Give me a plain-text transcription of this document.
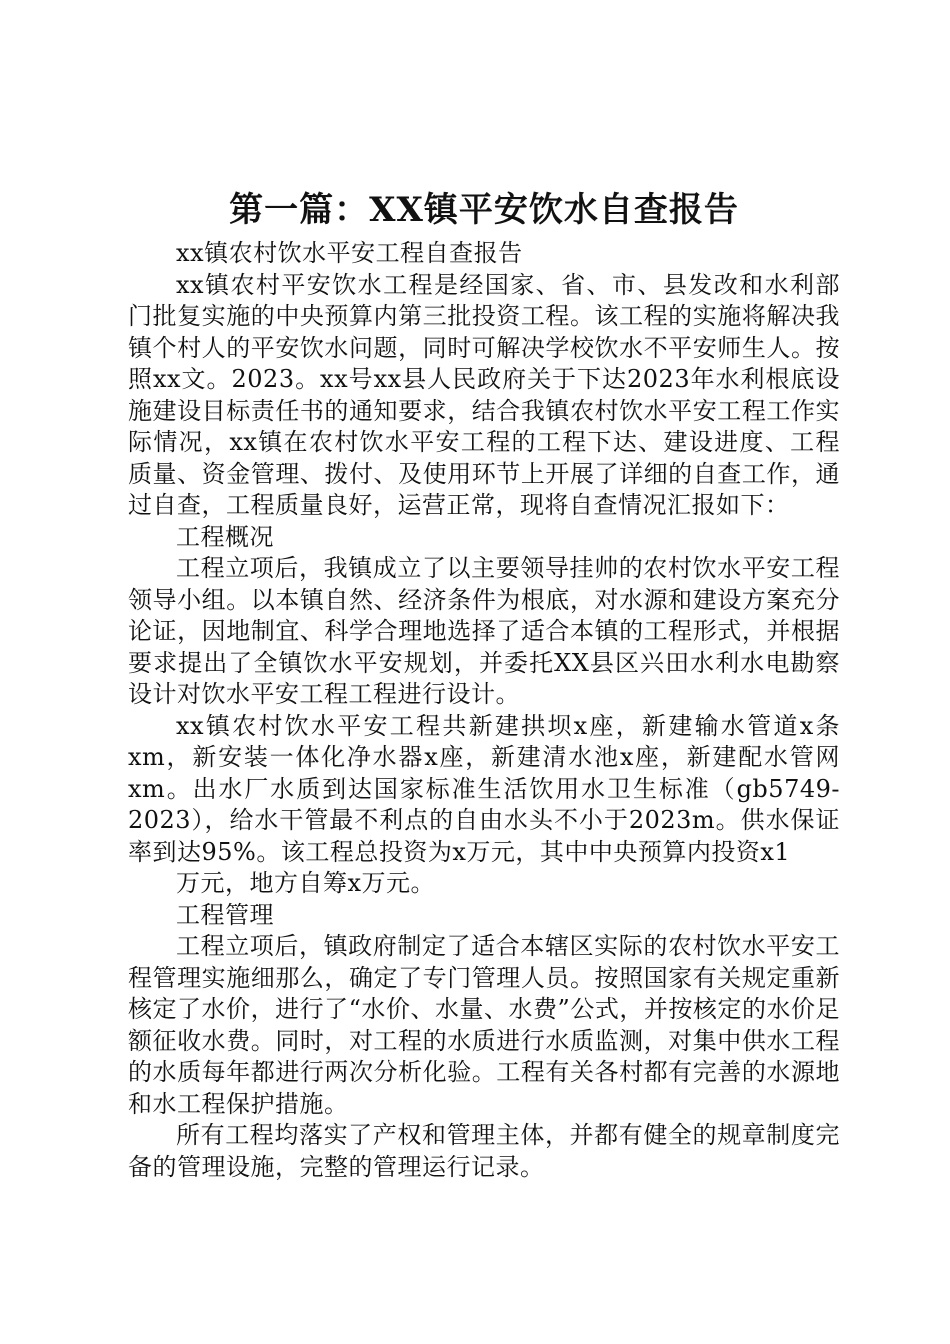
第一篇：XX镇平安饮水自查报告

xx镇农村饮水平安工程自查报告

xx镇农村平安饮水工程是经国家、省、市、县发改和水利部门批复实施的中央预算内第三批投资工程。该工程的实施将解决我镇个村人的平安饮水问题，同时可解决学校饮水不平安师生人。按照xx文。2023。xx号xx县人民政府关于下达2023年水利根底设施建设目标责任书的通知要求，结合我镇农村饮水平安工程工作实际情况，xx镇在农村饮水平安工程的工程下达、建设进度、工程质量、资金管理、拨付、及使用环节上开展了详细的自查工作，通过自查，工程质量良好，运营正常，现将自查情况汇报如下：

工程概况

工程立项后，我镇成立了以主要领导挂帅的农村饮水平安工程领导小组。以本镇自然、经济条件为根底，对水源和建设方案充分论证，因地制宜、科学合理地选择了适合本镇的工程形式，并根据要求提出了全镇饮水平安规划，并委托XX县区兴田水利水电勘察设计对饮水平安工程工程进行设计。

xx镇农村饮水平安工程共新建拱坝x座，新建输水管道x条xm，新安装一体化净水器x座，新建清水池x座，新建配水管网xm。出水厂水质到达国家标准生活饮用水卫生标准（gb5749-2023），给水干管最不利点的自由水头不小于2023m。供水保证率到达95%。该工程总投资为x万元，其中中央预算内投资x1

万元，地方自筹x万元。

工程管理

工程立项后，镇政府制定了适合本辖区实际的农村饮水平安工程管理实施细那么，确定了专门管理人员。按照国家有关规定重新核定了水价，进行了“水价、水量、水费”公式，并按核定的水价足额征收水费。同时，对工程的水质进行水质监测，对集中供水工程的水质每年都进行两次分析化验。工程有关各村都有完善的水源地和水工程保护措施。

所有工程均落实了产权和管理主体，并都有健全的规章制度完备的管理设施，完整的管理运行记录。
